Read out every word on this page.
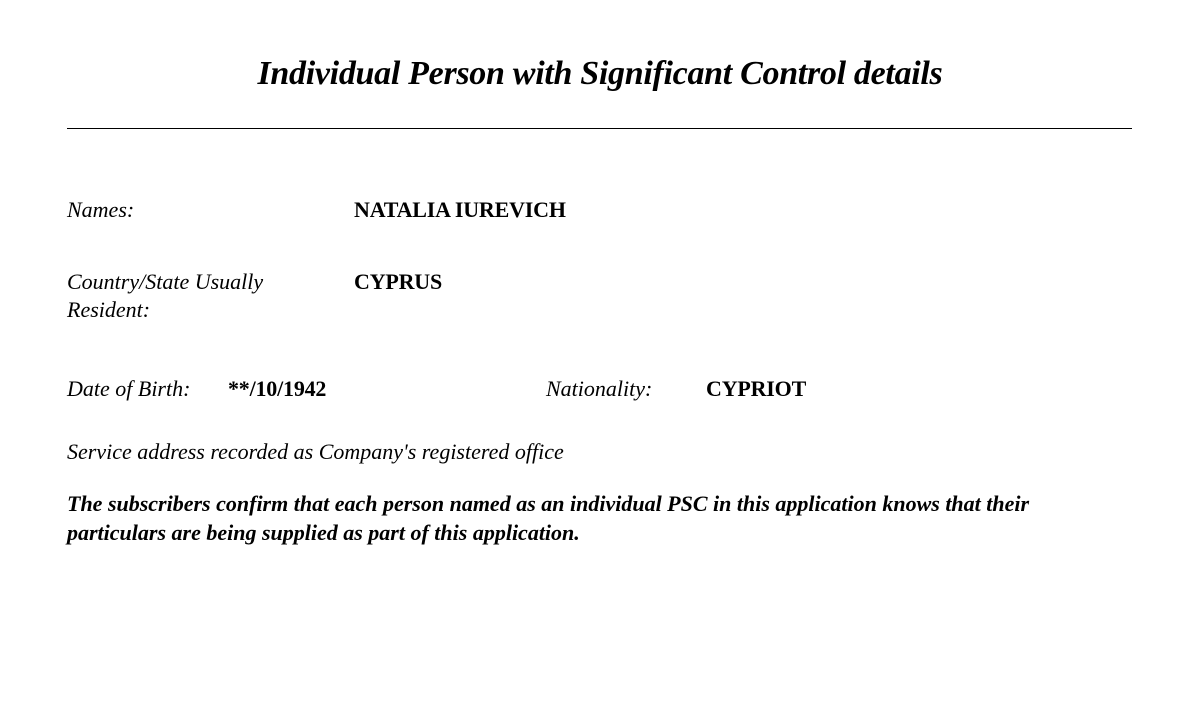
Individual Person with Significant Control details
Names:	NATALIA IUREVICH
Country/State Usually
Resident:
CYPRUS
Date of Birth: **/10/1942	Nationality: CYPRIOT
Service address recorded as Company's registered office
The subscribers confirm that each person named as an individual PSC in this application knows that their
particulars are being supplied as part of this application.
